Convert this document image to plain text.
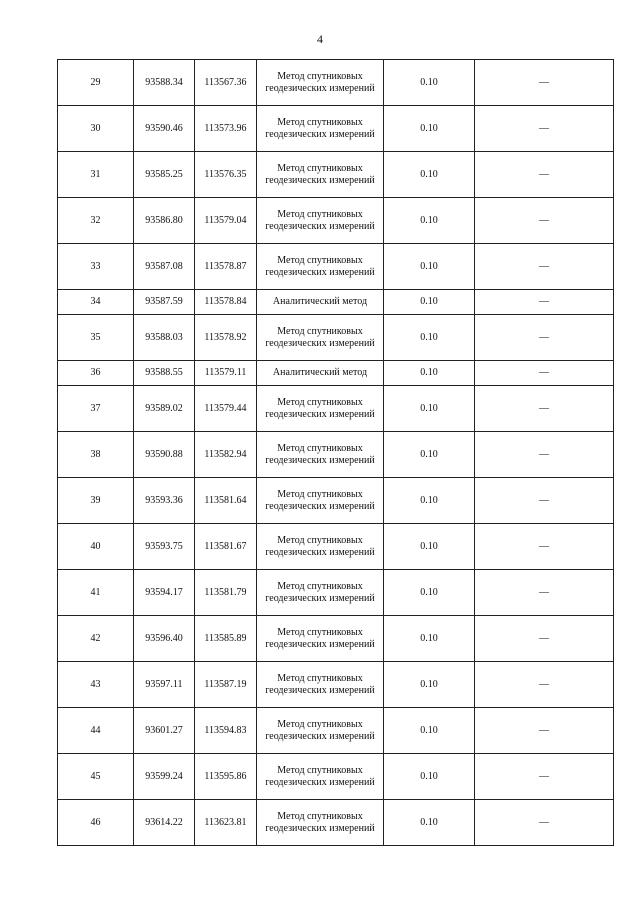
4
29	93588.34	113567.36	Метод спутниковых
геодезических измерений	0.10	—
30	93590.46	113573.96	Метод спутниковых
геодезических измерений	0.10	—
31	93585.25	113576.35	Метод спутниковых
геодезических измерений	0.10	—
32	93586.80	113579.04	Метод спутниковых
геодезических измерений	0.10	—
33	93587.08	113578.87	Метод спутниковых
геодезических измерений	0.10	—
34	93587.59	113578.84	Аналитический метод	0.10	—
35	93588.03	113578.92	Метод спутниковых
геодезических измерений	0.10	—
36	93588.55	113579.11	Аналитический метод	0.10	—
37	93589.02	113579.44	Метод спутниковых
геодезических измерений	0.10	—
38	93590.88	113582.94	Метод спутниковых
геодезических измерений	0.10	—
39	93593.36	113581.64	Метод спутниковых
геодезических измерений	0.10	—
40	93593.75	113581.67	Метод спутниковых
геодезических измерений	0.10	—
41	93594.17	113581.79	Метод спутниковых
геодезических измерений	0.10	—
42	93596.40	113585.89	Метод спутниковых
геодезических измерений	0.10	—
43	93597.11	113587.19	Метод спутниковых
геодезических измерений	0.10	—
44	93601.27	113594.83	Метод спутниковых
геодезических измерений	0.10	—
45	93599.24	113595.86	Метод спутниковых
геодезических измерений	0.10	—
46	93614.22	113623.81	Метод спутниковых
геодезических измерений	0.10	—
